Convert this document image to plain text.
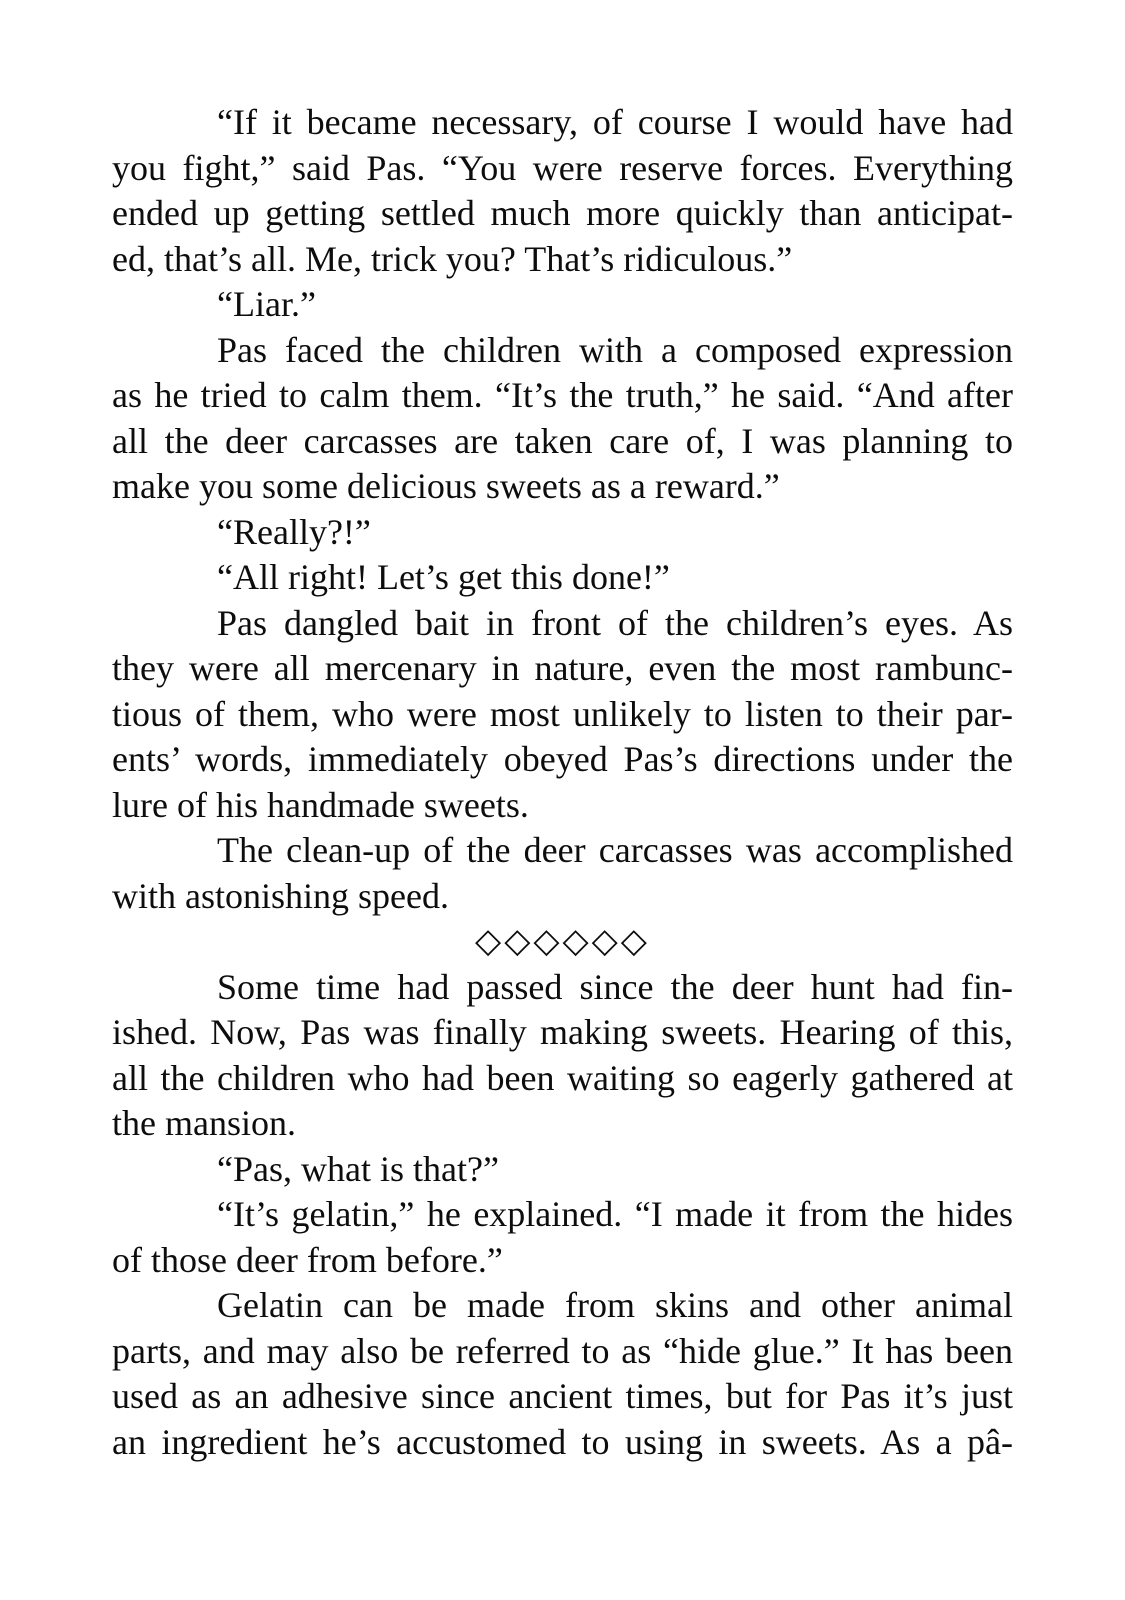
“If it became necessary, of course I would have had
you fight,” said Pas. “You were reserve forces. Everything
ended up getting settled much more quickly than anticipat-
ed, that’s all. Me, trick you? That’s ridiculous.”

“Liar.”

Pas faced the children with a composed expression
as he tried to calm them. “It’s the truth,” he said. “And after
all the deer carcasses are taken care of, I was planning to
make you some delicious sweets as a reward.”

“Really?!”

“All right! Let’s get this done!”

Pas dangled bait in front of the children’s eyes. As
they were all mercenary in nature, even the most rambunc-
tious of them, who were most unlikely to listen to their par-
ents’ words, immediately obeyed Pas’s directions under the
lure of his handmade sweets.

The clean-up of the deer carcasses was accomplished
with astonishing speed.

◇◇◇◇◇◇

Some time had passed since the deer hunt had fin-
ished. Now, Pas was finally making sweets. Hearing of this,
all the children who had been waiting so eagerly gathered at
the mansion.

“Pas, what is that?”

“It’s gelatin,” he explained. “I made it from the hides
of those deer from before.”

Gelatin can be made from skins and other animal
parts, and may also be referred to as “hide glue.” It has been
used as an adhesive since ancient times, but for Pas it’s just
an ingredient he’s accustomed to using in sweets. As a pâ-
